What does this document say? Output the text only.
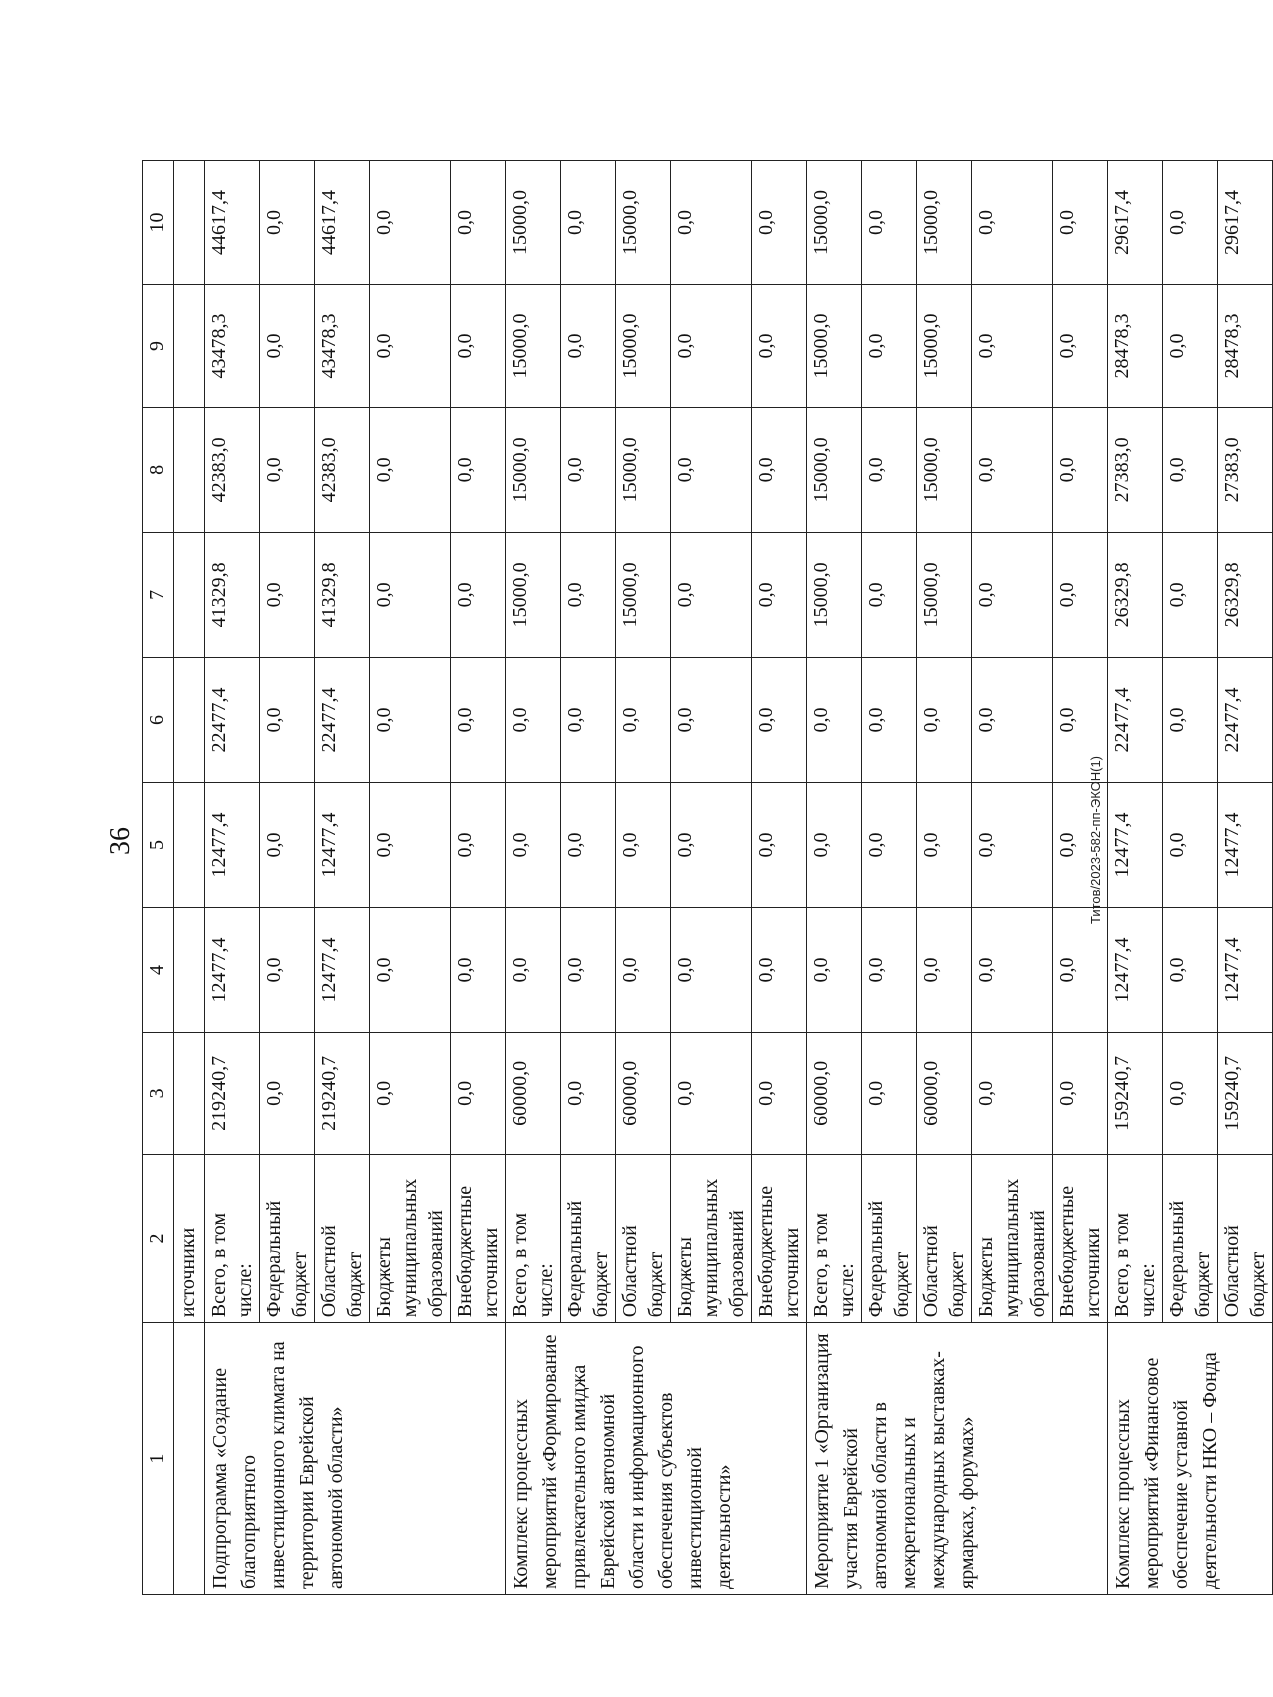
36	Титов/2023-582-пп-ЭКОН(1)
1	2	3	4	5	6	7	8	9	10
	источники								
Подпрограмма «Создание благоприятного инвестиционного климата на территории Еврейской автономной области»	Всего, в том числе:	219240,7	12477,4	12477,4	22477,4	41329,8	42383,0	43478,3	44617,4
	Федеральный бюджет	0,0	0,0	0,0	0,0	0,0	0,0	0,0	0,0
	Областной бюджет	219240,7	12477,4	12477,4	22477,4	41329,8	42383,0	43478,3	44617,4
	Бюджеты муниципальных образований	0,0	0,0	0,0	0,0	0,0	0,0	0,0	0,0
	Внебюджетные источники	0,0	0,0	0,0	0,0	0,0	0,0	0,0	0,0
Комплекс процессных мероприятий «Формирование привлекательного имиджа Еврейской автономной области и информационного обеспечения субъектов инвестиционной деятельности»	Всего, в том числе:	60000,0	0,0	0,0	0,0	15000,0	15000,0	15000,0	15000,0
	Федеральный бюджет	0,0	0,0	0,0	0,0	0,0	0,0	0,0	0,0
	Областной бюджет	60000,0	0,0	0,0	0,0	15000,0	15000,0	15000,0	15000,0
	Бюджеты муниципальных образований	0,0	0,0	0,0	0,0	0,0	0,0	0,0	0,0
	Внебюджетные источники	0,0	0,0	0,0	0,0	0,0	0,0	0,0	0,0
Мероприятие 1 «Организация участия Еврейской автономной области в межрегиональных и международных выставках-ярмарках, форумах»	Всего, в том числе:	60000,0	0,0	0,0	0,0	15000,0	15000,0	15000,0	15000,0
	Федеральный бюджет	0,0	0,0	0,0	0,0	0,0	0,0	0,0	0,0
	Областной бюджет	60000,0	0,0	0,0	0,0	15000,0	15000,0	15000,0	15000,0
	Бюджеты муниципальных образований	0,0	0,0	0,0	0,0	0,0	0,0	0,0	0,0
	Внебюджетные источники	0,0	0,0	0,0	0,0	0,0	0,0	0,0	0,0
Комплекс процессных мероприятий «Финансовое обеспечение уставной деятельности НКО – Фонда	Всего, в том числе:	159240,7	12477,4	12477,4	22477,4	26329,8	27383,0	28478,3	29617,4
	Федеральный бюджет	0,0	0,0	0,0	0,0	0,0	0,0	0,0	0,0
	Областной бюджет	159240,7	12477,4	12477,4	22477,4	26329,8	27383,0	28478,3	29617,4
